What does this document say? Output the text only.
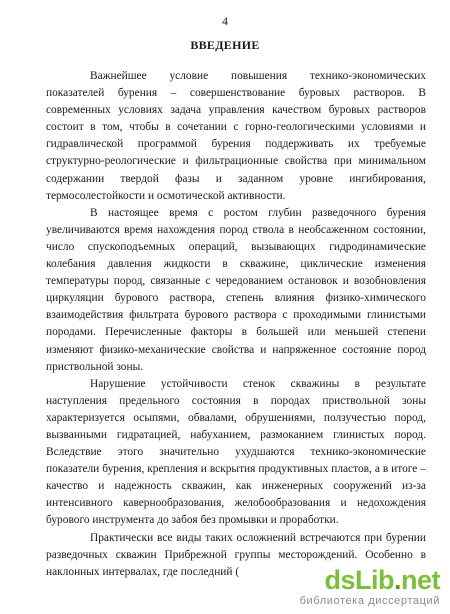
4
ВВЕДЕНИЕ

Важнейшее условие повышения технико-экономических показателей бурения – совершенствование буровых растворов. В современных условиях задача управления качеством буровых растворов состоит в том, чтобы в сочетании с горно-геологическими условиями и гидравлической программой бурения поддерживать их требуемые структурно-реологические и фильтрационные свойства при минимальном содержании твердой фазы и заданном уровне ингибирования, термосолестойкости и осмотической активности.

В настоящее время с ростом глубин разведочного бурения увеличиваются время нахождения пород ствола в необсаженном состоянии, число спускоподъемных операций, вызывающих гидродинамические колебания давления жидкости в скважине, циклические изменения температуры пород, связанные с чередованием остановок и возобновления циркуляции бурового раствора, степень влияния физико-химического взаимодействия фильтрата бурового раствора с проходимыми глинистыми породами. Перечисленные факторы в большей или меньшей степени изменяют физико-механические свойства и напряженное состояние пород приствольной зоны.

Нарушение устойчивости стенок скважины в результате наступления предельного состояния в породах приствольной зоны характеризуется осыпями, обвалами, обрушениями, ползучестью пород, вызванными гидратацией, набуханием, размоканием глинистых пород. Вследствие этого значительно ухудшаются технико-экономические показатели бурения, крепления и вскрытия продуктивных пластов, а в итоге – качество и надежность скважин, как инженерных сооружений из-за интенсивного кавернообразования, желобообразования и недохождения бурового инструмента до забоя без промывки и проработки.

Практически все виды таких осложнений встречаются при бурении разведочных скважин Прибрежной группы месторождений. Особенно в наклонных интервалах, где последний (	dsLib.net
библиотека диссертаций
